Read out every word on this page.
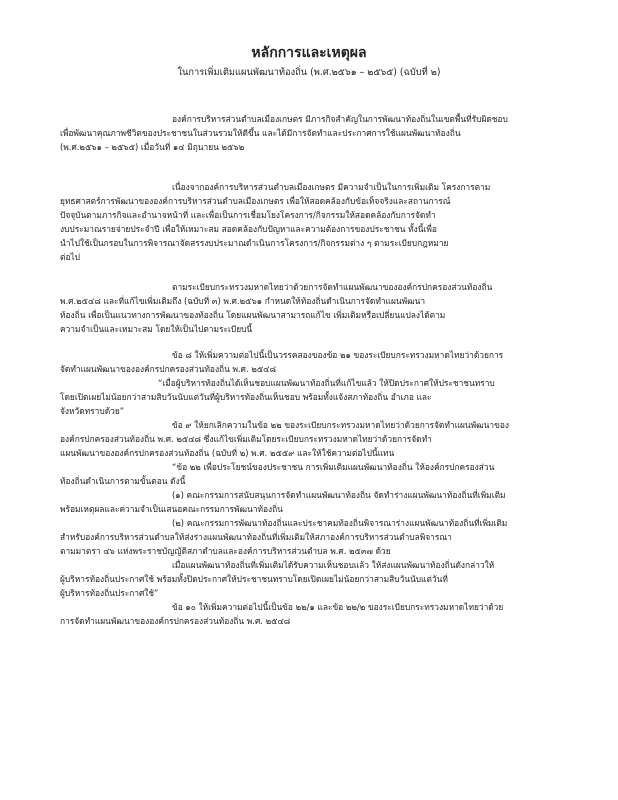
หลักการและเหตุผล
ในการเพิ่มเติมแผนพัฒนาท้องถิ่น (พ.ศ.๒๕๖๑ – ๒๕๖๕) (ฉบับที่ ๒)
องค์การบริหารส่วนตำบลเมืองเกษตร มีภารกิจสำคัญในการพัฒนาท้องถิ่นในเขตพื้นที่รับผิดชอบ
เพื่อพัฒนาคุณภาพชีวิตของประชาชนในส่วนรวมให้ดีขึ้น และได้มีการจัดทำและประกาศการใช้แผนพัฒนาท้องถิ่น
(พ.ศ.๒๕๖๑ – ๒๕๖๕) เมื่อวันที่ ๑๔ มิถุนายน ๒๕๖๒
เนื่องจากองค์การบริหารส่วนตำบลเมืองเกษตร มีความจำเป็นในการเพิ่มเติม โครงการตาม
ยุทธศาสตร์การพัฒนาขององค์การบริหารส่วนตำบลเมืองเกษตร เพื่อให้สอดคล้องกับข้อเท็จจริงและสถานการณ์
ปัจจุบันตามภารกิจและอำนาจหน้าที่ และเพื่อเป็นการเชื่อมโยงโครงการ/กิจกรรมให้สอดคล้องกับการจัดทำ
งบประมาณรายจ่ายประจำปี เพื่อให้เหมาะสม สอดคล้องกับปัญหาและความต้องการของประชาชน ทั้งนี้เพื่อ
นำไปใช้เป็นกรอบในการพิจารณาจัดสรรงบประมาณดำเนินการโครงการ/กิจกรรมต่าง ๆ ตามระเบียบกฎหมาย
ต่อไป
ตามระเบียบกระทรวงมหาดไทยว่าด้วยการจัดทำแผนพัฒนาขององค์กรปกครองส่วนท้องถิ่น
พ.ศ.๒๕๔๘ และที่แก้ไขเพิ่มเติมถึง (ฉบับที่ ๓) พ.ศ.๒๕๖๑ กำหนดให้ท้องถิ่นดำเนินการจัดทำแผนพัฒนา
ท้องถิ่น เพื่อเป็นแนวทางการพัฒนาของท้องถิ่น โดยแผนพัฒนาสามารถแก้ไข เพิ่มเติมหรือเปลี่ยนแปลงได้ตาม
ความจำเป็นและเหมาะสม โดยให้เป็นไปตามระเบียบนี้
ข้อ ๘ ให้เพิ่มความต่อไปนี้เป็นวรรคสองของข้อ ๒๑ ของระเบียบกระทรวงมหาดไทยว่าด้วยการ
จัดทำแผนพัฒนาขององค์กรปกครองส่วนท้องถิ่น พ.ศ. ๒๕๔๘
“เมื่อผู้บริหารท้องถิ่นได้เห็นชอบแผนพัฒนาท้องถิ่นที่แก้ไขแล้ว ให้ปิดประกาศให้ประชาชนทราบ
โดยเปิดเผยไม่น้อยกว่าสามสิบวันนับแต่วันที่ผู้บริหารท้องถิ่นเห็นชอบ พร้อมทั้งแจ้งสภาท้องถิ่น อำเภอ และ
จังหวัดทราบด้วย”
ข้อ ๙ ให้ยกเลิกความในข้อ ๒๒ ของระเบียบกระทรวงมหาดไทยว่าด้วยการจัดทำแผนพัฒนาของ
องค์กรปกครองส่วนท้องถิ่น พ.ศ. ๒๕๔๘ ซึ่งแก้ไขเพิ่มเติมโดยระเบียบกระทรวงมหาดไทยว่าด้วยการจัดทำ
แผนพัฒนาขององค์กรปกครองส่วนท้องถิ่น (ฉบับที่ ๒) พ.ศ. ๒๕๕๙ และให้ใช้ความต่อไปนี้แทน
“ข้อ ๒๒ เพื่อประโยชน์ของประชาชน การเพิ่มเติมแผนพัฒนาท้องถิ่น ให้องค์กรปกครองส่วน
ท้องถิ่นดำเนินการตามขั้นตอน ดังนี้
(๑) คณะกรรมการสนับสนุนการจัดทำแผนพัฒนาท้องถิ่น จัดทำร่างแผนพัฒนาท้องถิ่นที่เพิ่มเติม
พร้อมเหตุผลและความจำเป็นเสนอคณะกรรมการพัฒนาท้องถิ่น
(๒) คณะกรรมการพัฒนาท้องถิ่นและประชาคมท้องถิ่นพิจารณาร่างแผนพัฒนาท้องถิ่นที่เพิ่มเติม
สำหรับองค์การบริหารส่วนตำบลให้ส่งร่างแผนพัฒนาท้องถิ่นที่เพิ่มเติมให้สภาองค์การบริหารส่วนตำบลพิจารณา
ตามมาตรา ๔๖ แห่งพระราชบัญญัติสภาตำบลและองค์การบริหารส่วนตำบล พ.ศ. ๒๕๓๗ ด้วย
เมื่อแผนพัฒนาท้องถิ่นที่เพิ่มเติมได้รับความเห็นชอบแล้ว ให้ส่งแผนพัฒนาท้องถิ่นดังกล่าวให้
ผู้บริหารท้องถิ่นประกาศใช้ พร้อมทั้งปิดประกาศให้ประชาชนทราบโดยเปิดเผยไม่น้อยกว่าสามสิบวันนับแต่วันที่
ผู้บริหารท้องถิ่นประกาศใช้”
ข้อ ๑๐ ให้เพิ่มความต่อไปนี้เป็นข้อ ๒๒/๑ และข้อ ๒๒/๒ ของระเบียบกระทรวงมหาดไทยว่าด้วย
การจัดทำแผนพัฒนาขององค์กรปกครองส่วนท้องถิ่น พ.ศ. ๒๕๔๘
